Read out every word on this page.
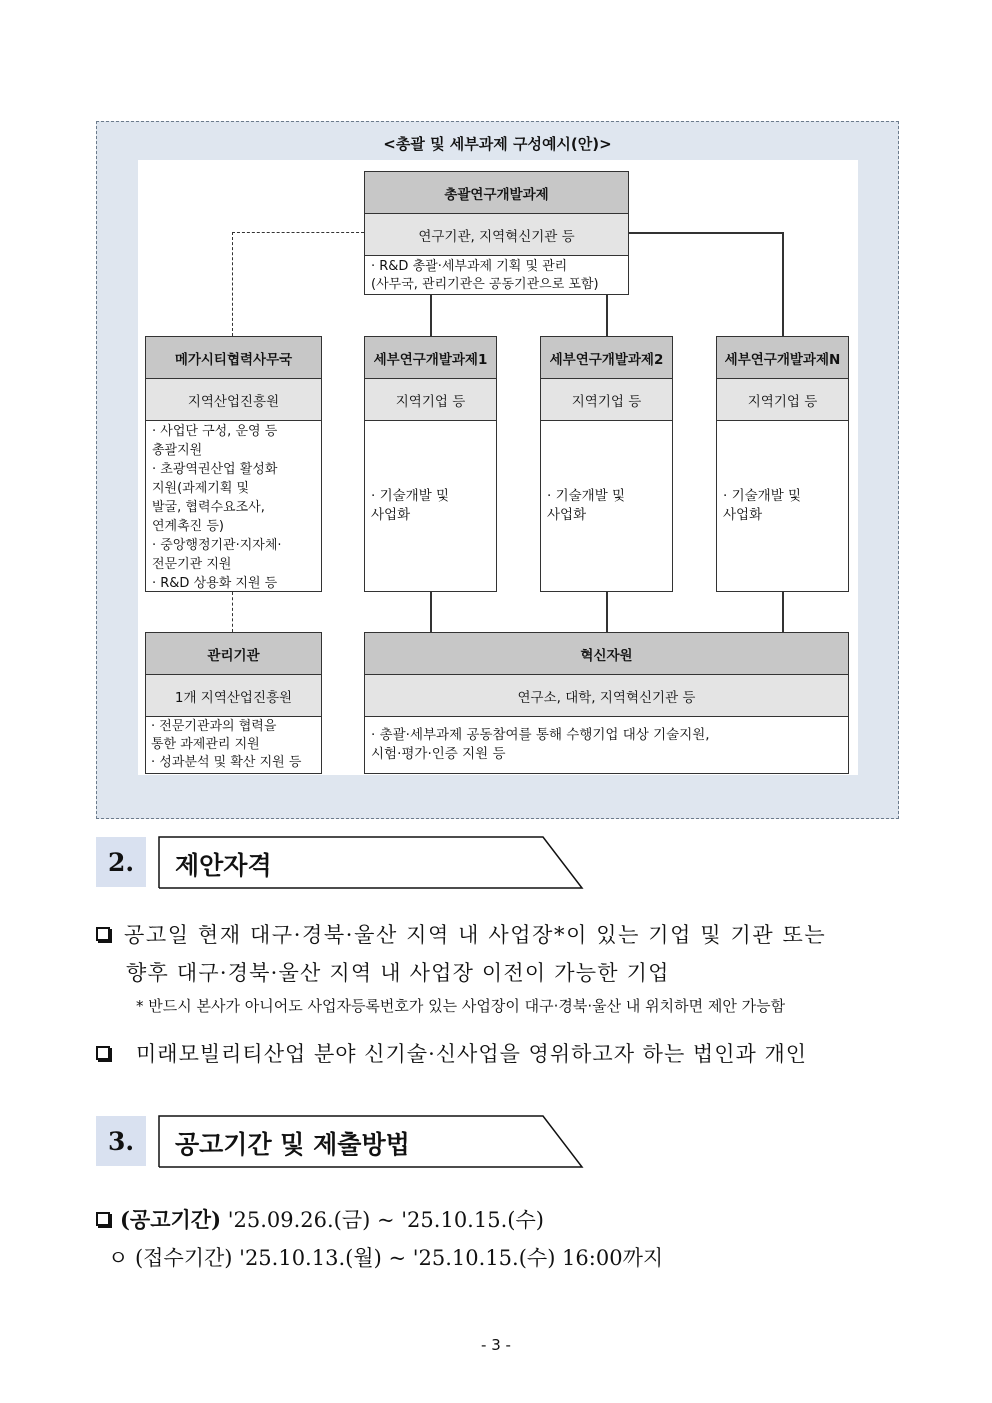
<총괄 및 세부과제 구성예시(안)>
총괄연구개발과제
연구기관, 지역혁신기관 등
· R&D 총괄·세부과제 기획 및 관리
(사무국, 관리기관은 공동기관으로 포함)
메가시티협력사무국
지역산업진흥원
· 사업단 구성, 운영 등
총괄지원
· 초광역권산업 활성화
지원(과제기획 및
발굴, 협력수요조사,
연계촉진 등)
· 중앙행정기관·지자체·
전문기관 지원
· R&D 상용화 지원 등
세부연구개발과제1
지역기업 등
· 기술개발 및
사업화
세부연구개발과제2
지역기업 등
· 기술개발 및
사업화
세부연구개발과제N
지역기업 등
· 기술개발 및
사업화
관리기관
1개 지역산업진흥원
· 전문기관과의 협력을
통한 과제관리 지원
· 성과분석 및 확산 지원 등
혁신자원
연구소, 대학, 지역혁신기관 등
· 총괄·세부과제 공동참여를 통해 수행기업 대상 기술지원,
시험·평가·인증 지원 등
2.	제안자격
공고일 현재 대구·경북·울산 지역 내 사업장*이 있는 기업 및 기관 또는
향후 대구·경북·울산 지역 내 사업장 이전이 가능한 기업
* 반드시 본사가 아니어도 사업자등록번호가 있는 사업장이 대구·경북·울산 내 위치하면 제안 가능함
미래모빌리티산업 분야 신기술·신사업을 영위하고자 하는 법인과 개인
3.	공고기간 및 제출방법
(공고기간) '25.09.26.(금) ~ '25.10.15.(수)
ㅇ (접수기간) '25.10.13.(월) ~ '25.10.15.(수) 16:00까지
- 3 -
